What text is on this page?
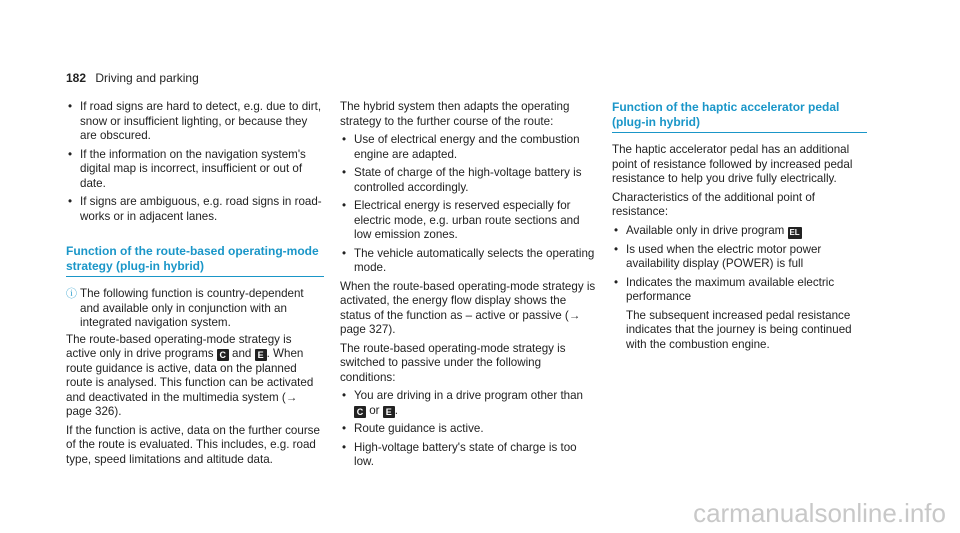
182 Driving and parking
• If road signs are hard to detect, e.g. due to dirt, snow or insufficient lighting, or because they are obscured.
• If the information on the navigation system's digital map is incorrect, insufficient or out of date.
• If signs are ambiguous, e.g. road signs in road-works or in adjacent lanes.
Function of the route-based operating-mode strategy (plug-in hybrid)
ⓘ The following function is country-dependent and available only in conjunction with an integrated navigation system.

The route-based operating-mode strategy is active only in drive programs C and E . When route guidance is active, data on the planned route is analysed. This function can be activated and deactivated in the multimedia system (→ page 326).

If the function is active, data on the further course of the route is evaluated. This includes, e.g. road type, speed limitations and altitude data.

The hybrid system then adapts the operating strategy to the further course of the route:

• Use of electrical energy and the combustion engine are adapted.
• State of charge of the high-voltage battery is controlled accordingly.
• Electrical energy is reserved especially for electric mode, e.g. urban route sections and low emission zones.
• The vehicle automatically selects the operating mode.

When the route-based operating-mode strategy is activated, the energy flow display shows the status of the function as – active or passive (→ page 327).

The route-based operating-mode strategy is switched to passive under the following conditions:

• You are driving in a drive program other than C or E .
• Route guidance is active.
• High-voltage battery's state of charge is too low.
Function of the haptic accelerator pedal (plug-in hybrid)

The haptic accelerator pedal has an additional point of resistance followed by increased pedal resistance to help you drive fully electrically.

Characteristics of the additional point of resistance:

• Available only in drive program EL
• Is used when the electric motor power availability display (POWER) is full
• Indicates the maximum available electric performance
The subsequent increased pedal resistance indicates that the journey is being continued with the combustion engine.
carmanualsonline.info
